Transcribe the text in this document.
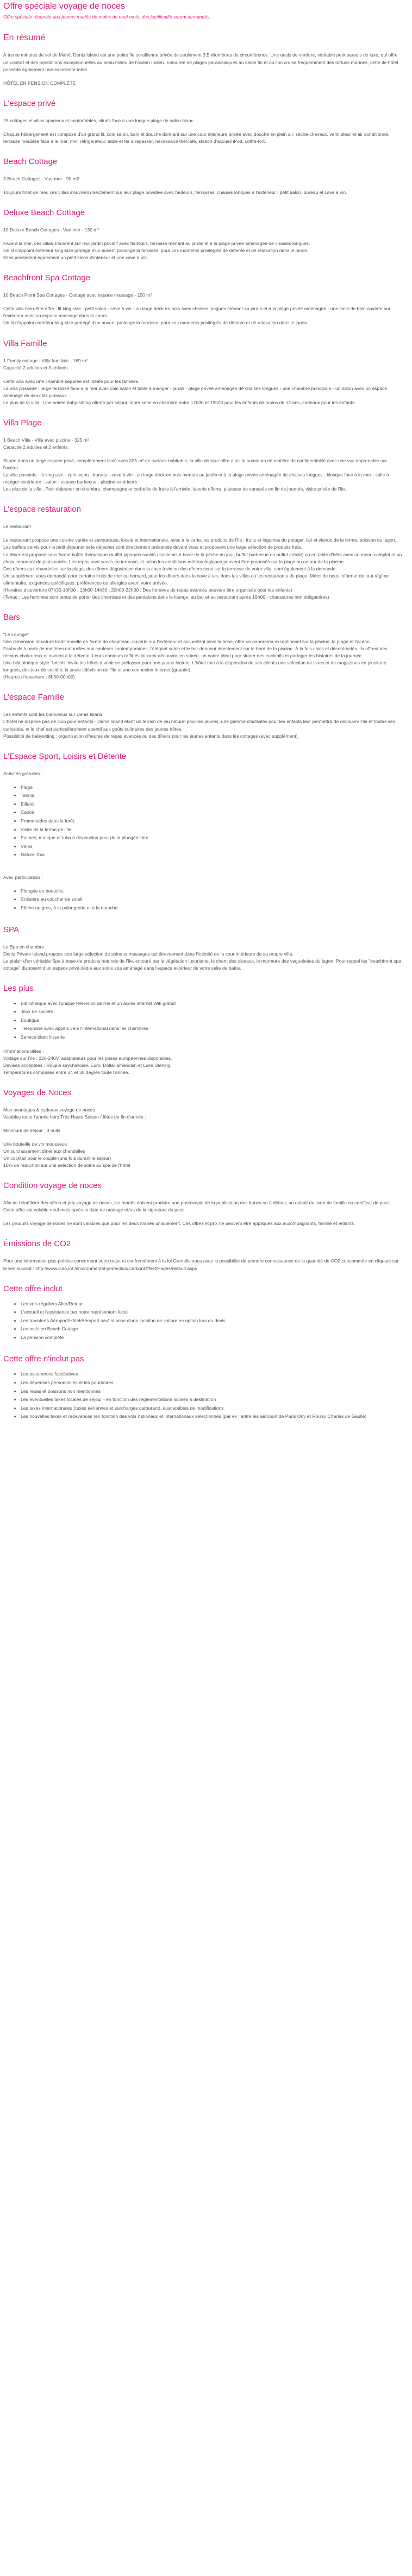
Offre spéciale voyage de noces

Offre spéciale réservée aux jeunes mariés de moins de neuf mois, des justificatifs seront demandés.

En résumé

À trente minutes de vol de Mahé, Denis Island est une petite île corallienne privée de seulement 3,5 kilomètres de circonférence. Une oasis de verdure, véritable petit paradis de luxe, qui offre un confort et des prestations exceptionnelles au beau milieu de l'océan Indien. Entourée de plages paradisiaques au sable fin et où l'on croise fréquemment des tortues marines, cette île-hôtel possède également une excellente table.

HÔTEL EN PENSION COMPLÈTE

L'espace privé

25 cottages et villas spacieux et confortables, situés face à une longue plage de sable blanc.

Chaque hébergement est composé d'un grand lit, coin salon, bain et douche donnant sur une cour intérieure privée avec douche en plein air, sèche-cheveux, ventilateur et air conditionné, terrasse meublée face à la mer, mini réfrigérateur, table et fer à repasser, nécessaire thé/café, station d'accueil iPod, coffre-fort.

Beach Cottage

3 Beach Cottages - Vue mer - 90 m2

Toujours front de mer, ces villas s'ouvrent directement sur leur plage privative avec fauteuils, terrasses, chaises longues à l'extérieur : petit salon, bureau et cave à vin.

Deluxe Beach Cottage

10 Deluxe Beach Cottages - Vue mer - 130 m²

Face à la mer, ces villas s'ouvrent sur leur jardin privatif avec fauteuils, terrasse menant au jardin et à la plage privée aménagée de chaises longues.

Un lit d'appoint extérieur king-size protégé d'un auvent prolonge la terrasse, pour vos moments privilégiés de détente et de relaxation dans le jardin.

Elles possèdent également un petit salon d'intérieur et une cave à vin.

Beachfront Spa Cottage

10 Beach Front Spa Cottages - Cottage avec espace massage - 150 m²

Cette villa bien-être offre : lit king size - petit salon - cave à vin - un large deck en bois avec chaises longues menant au jardin et à la plage privée aménagée - une salle de bain ouverte sur l'extérieur avec un espace massage dans le cours.

Un lit d'appoint extérieur king-size protégé d'un auvent prolonge la terrasse, pour vos moments privilégiés de détente et de relaxation dans le jardin.

Villa Famille

1 Family cottage - Villa familiale - 169 m²

Capacité 2 adultes et 3 enfants.

Cette villa avec une chambre séparée est idéale pour les familles.

La villa possède : large terrasse face à la mer avec coin salon et table à manger - jardin - plage privée aménagée de chaises longues - une chambre principale - un salon avec un espace aménagé de deux lits jumeaux.

Le plus de la villa : Une soirée baby-sitting offerte par séjour, dîner servi en chambre entre 17h30 et 19h00 pour les enfants de moins de 12 ans, cadeaux pour les enfants.

Villa Plage

1 Beach Villa - Villa avec piscine - 325 m²

Capacité 2 adultes et 2 enfants.

Située dans un large espace privé, complètement isolé avec 325 m² de surface habitable, la villa de luxe offre ainsi le summum en matière de confidentialité avec une vue imprenable sur l'océan.

La villa possède : lit king size - coin salon - bureau - cave à vin - un large deck en bois menant au jardin et à la plage privée aménagée de chaises longues - kiosque face à la mer - salle à manger extérieure - salon - espace barbecue - piscine extérieure.

Les plus de la villa : Petit déjeuner en chambre, champagne et corbeille de fruits à l'arrivée, lavorie offerte, plateaux de canapés en fin de journée, visite privée de l'île.

L'espace restauration

Le restaurant

Le restaurant propose une cuisine variée et savoureuse, locale et internationale, avec à la carte, les produits de l'île : fruits et légumes du potager, lait et viande de la ferme, poisson du lagon...

Les buffets servis pour le petit déjeuner et le déjeuner sont directement présentés devant vous et proposent une large sélection de produits frais.

Le dîner est proposé sous forme buffet thématique (buffet japonais sushis / sashimis à base de la pêche du jour, buffet barbecue ou buffet créole) ou en table d'hôte avec un menu complet et un choix important de plats variés. Les repas sont servis en terrasse, et selon les conditions météorologiques peuvent être proposés sur la plage ou autour de la piscine.

Des dîners aux chandelles sur la plage, des dîners dégustation dans la cave à vin ou des dîners servi sur la terrasse de votre villa, sont également à la demande.

Un supplément vous demandé pour certains fruits de mer ou homard, pour les dîners dans la cave à vin, dans les villas ou les restaurants de plage. Merci de nous informer de tout régime alimentaire, exigences spécifiques, préférences ou allergies avant votre arrivée.

(Horaires d'ouverture 07h30-10h00 ; 13h00-14h30 ; 20h00-22h00 ; Des horaires de repas avancés peuvent être organisés pour les enfants)

(Tenue : Les hommes sont tenus de porter des chemises et des pantalons dans le lounge, au bar et au restaurant après 19h00 - chaussures non obligatoires)

Bars

"Le Lounge"

Une dimension structure traditionnelle en forme de chapiteau, ouverte sur l'extérieur et accueillant ainsi la brise, offre un panorama exceptionnel sur la piscine, la plage et l'océan.

Fauteuils à partir de matières naturelles aux couleurs contemporaines, l'élégant salon et le bar donnent directement sur le bord de la piscine. À la fois chics et décontractés, ils offrent des recoins chaleureux et invitent à la détente. Leurs contours raffinés laissent découvrir, en soirée, un cadre idéal pour siroter des cocktails et partager les histoires de la journée.

Une bibliothèque style "british" invite les hôtes à venir se prélasser pour une pause lecture. L'hôtel met à la disposition de ses clients une sélection de livres et de magazines en plusieurs langues, des jeux de société, la seule télévision de l'île et une connexion Internet (gratuite).

(Heures d'ouverture : 8h30-00h00)

L'espace Famille

Les enfants sont les bienvenus sur Denis Island.

L'hôtel ne dispose pas de club pour enfants - Denis Island étant un terrain de jeu naturel pour les jeunes, une gamme d'activités pour les enfants leur permettra de découvrir l'île et toutes ses curiosités, et le chef est particulièrement attentif aux goûts culinaires des jeunes hôtes.

Possibilité de babysitting : organisation d'heures de repas avancés ou des dîners pour les jeunes enfants dans les cottages (avec supplément).

L'Espace Sport, Loisirs et Détente

Activités gratuites :

• Plage
• Tennis
• Billard
• Canoë
• Promenades dans la forêt.
• Visite de la ferme de l'île.
• Palmes, masque et tuba à disposition pour de la plongée libre.
• Vélos
• Nature Tour

Avec participation :

• Plongée en bouteille.
• Croisière au coucher de soleil.
• Pêche au gros, à la palangrotte et à la mouche.
SPA

Le Spa en chambre :

Denis Private Island propose une large sélection de soins et massages qui directement dans l'intimité de la cour intérieure de sa propre villa.

Le plaisir d'un véritable Spa à base de produits naturels de l'île, entouré par la végétation luxuriante, le chant des oiseaux, le murmure des vaguelettes du lagon. Pour rappel les "beachfront spa cottage" disposent d'un espace privé dédié aux soins spa aménagé dans l'espace extérieur de votre salle de bains.

Les plus
• Bibliothèque avec l'unique télévision de l'île et un accès internet Wifi gratuit
• Jeux de société
• Boutique
• Téléphone avec appels vers l'international dans les chambres
• Service blanchisserie

Informations utiles :

Voltage sur l'île : 220-240V, adaptateurs pour les prises européennes disponibles.

Devises acceptées : Roupie seychelloise, Euro, Dollar américain et Livre Sterling

Températures comprises entre 24 et 30 degrés toute l'année.

Voyages de Noces

Mes avantages & cadeaux voyage de noces

Valables toute l'année hors Très Haute Saison / fêtes de fin d'année :

Minimum de séjour : 3 nuits

Une bouteille de vin mousseux

Un surclassement dîner aux chandelles

Un cocktail pour le couple (une fois durant le séjour)

10% de réduction sur une sélection de soins au spa de l'hôtel

Condition voyage de noces

Afin de bénéficier des offres et prix voyage de noces, les mariés doivent produire une photocopie de la publication des bancs ou à défaut, un extrait du livret de famille ou certificat de pacs. Cette offre est valable neuf mois après la date de mariage et/ou de la signature du pacs.

Les produits voyage de noces ne sont valables que pour les deux mariés uniquement. Ces offres et prix ne peuvent être appliqués aux accompagnants, famille et enfants.

Émissions de CO2

Pour une information plus précise concernant votre trajet et conformément à la loi Grenelle vous avez la possibilité de prendre connaissance de la quantité de CO2 consommée en cliquant sur le lien suivant : http://www.icao.int /environmental-protection/CarbonOffset/Pages/default.aspx

Cette offre inclut
• Les vols réguliers Aller/Retour
• L'accueil et l'assistance par notre représentant local
• Les transferts Aéroport/Hôtel/Aéroport sauf si prise d'une location de voiture en option lors du devis
• Les nuits en Beach Cottage
• La pension complète
Cette offre n'inclut pas
• Les assurances facultatives
• Les dépenses personnelles et les pourboires
• Les repas et boissons non mentionnés
• Les éventuelles taxes locales de séjour - en fonction des réglementations locales à destination
• Les taxes internationales (taxes aériennes et surcharges carburant), susceptibles de modifications
• Les nouvelles taxes et redevances (en fonction des vols nationaux et internationaux sélectionnés (par ex : entre les aéroport de Paris Orly et Roissy Charles de Gaulle)
